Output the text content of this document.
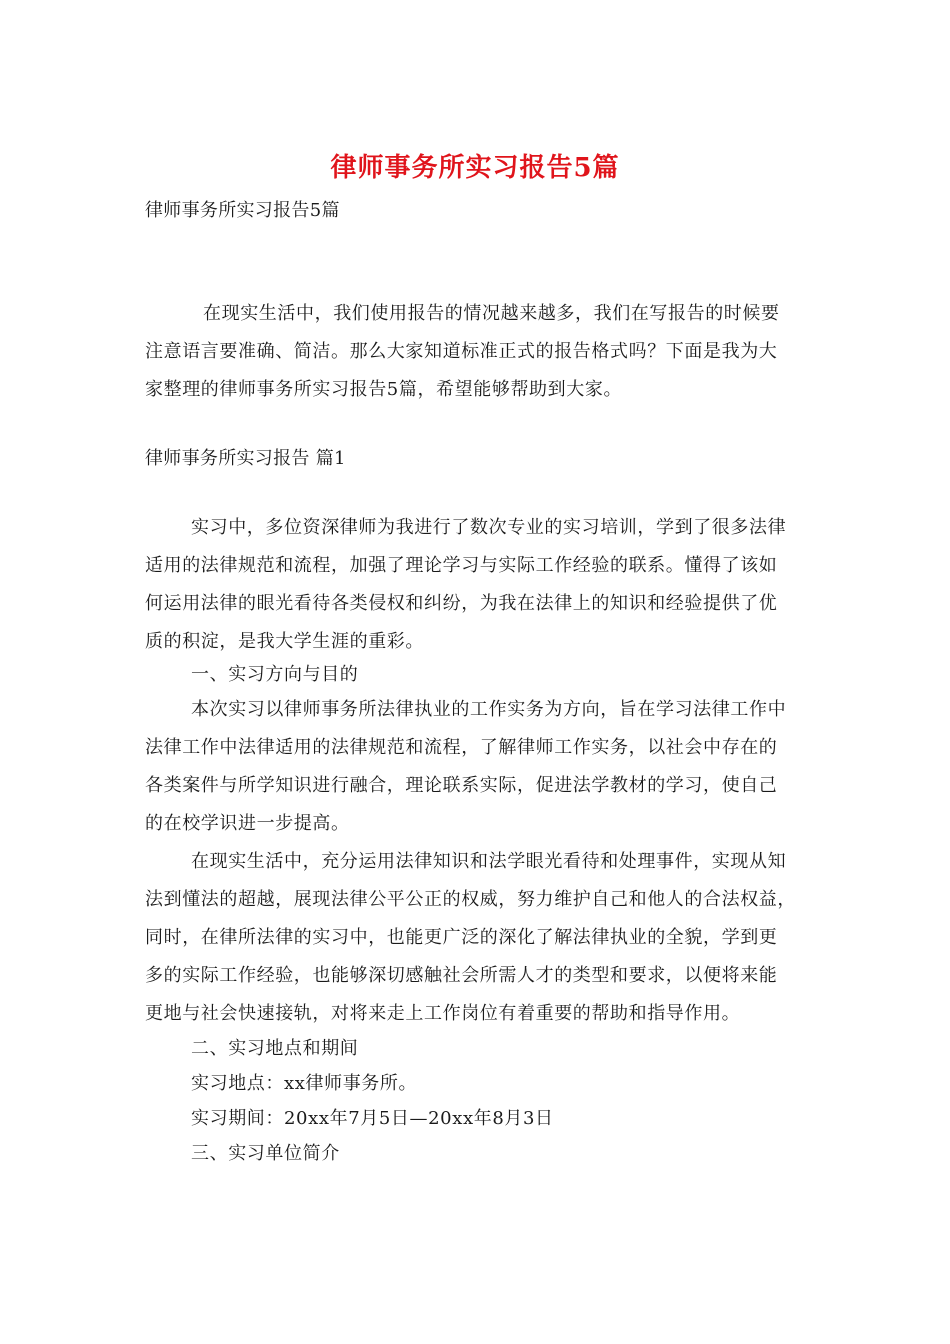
律师事务所实习报告5篇
律师事务所实习报告5篇
在现实生活中，我们使用报告的情况越来越多，我们在写报告的时候要
注意语言要准确、简洁。那么大家知道标准正式的报告格式吗？下面是我为大
家整理的律师事务所实习报告5篇，希望能够帮助到大家。
律师事务所实习报告 篇1
实习中，多位资深律师为我进行了数次专业的实习培训，学到了很多法律
适用的法律规范和流程，加强了理论学习与实际工作经验的联系。懂得了该如
何运用法律的眼光看待各类侵权和纠纷，为我在法律上的知识和经验提供了优
质的积淀，是我大学生涯的重彩。
一、实习方向与目的
本次实习以律师事务所法律执业的工作实务为方向，旨在学习法律工作中
法律工作中法律适用的法律规范和流程，了解律师工作实务，以社会中存在的
各类案件与所学知识进行融合，理论联系实际，促进法学教材的学习，使自己
的在校学识进一步提高。
在现实生活中，充分运用法律知识和法学眼光看待和处理事件，实现从知
法到懂法的超越，展现法律公平公正的权威，努力维护自己和他人的合法权益，
同时，在律所法律的实习中，也能更广泛的深化了解法律执业的全貌，学到更
多的实际工作经验，也能够深切感触社会所需人才的类型和要求，以便将来能
更地与社会快速接轨，对将来走上工作岗位有着重要的帮助和指导作用。
二、实习地点和期间
实习地点：xx律师事务所。
实习期间：20xx年7月5日—20xx年8月3日
三、实习单位简介
